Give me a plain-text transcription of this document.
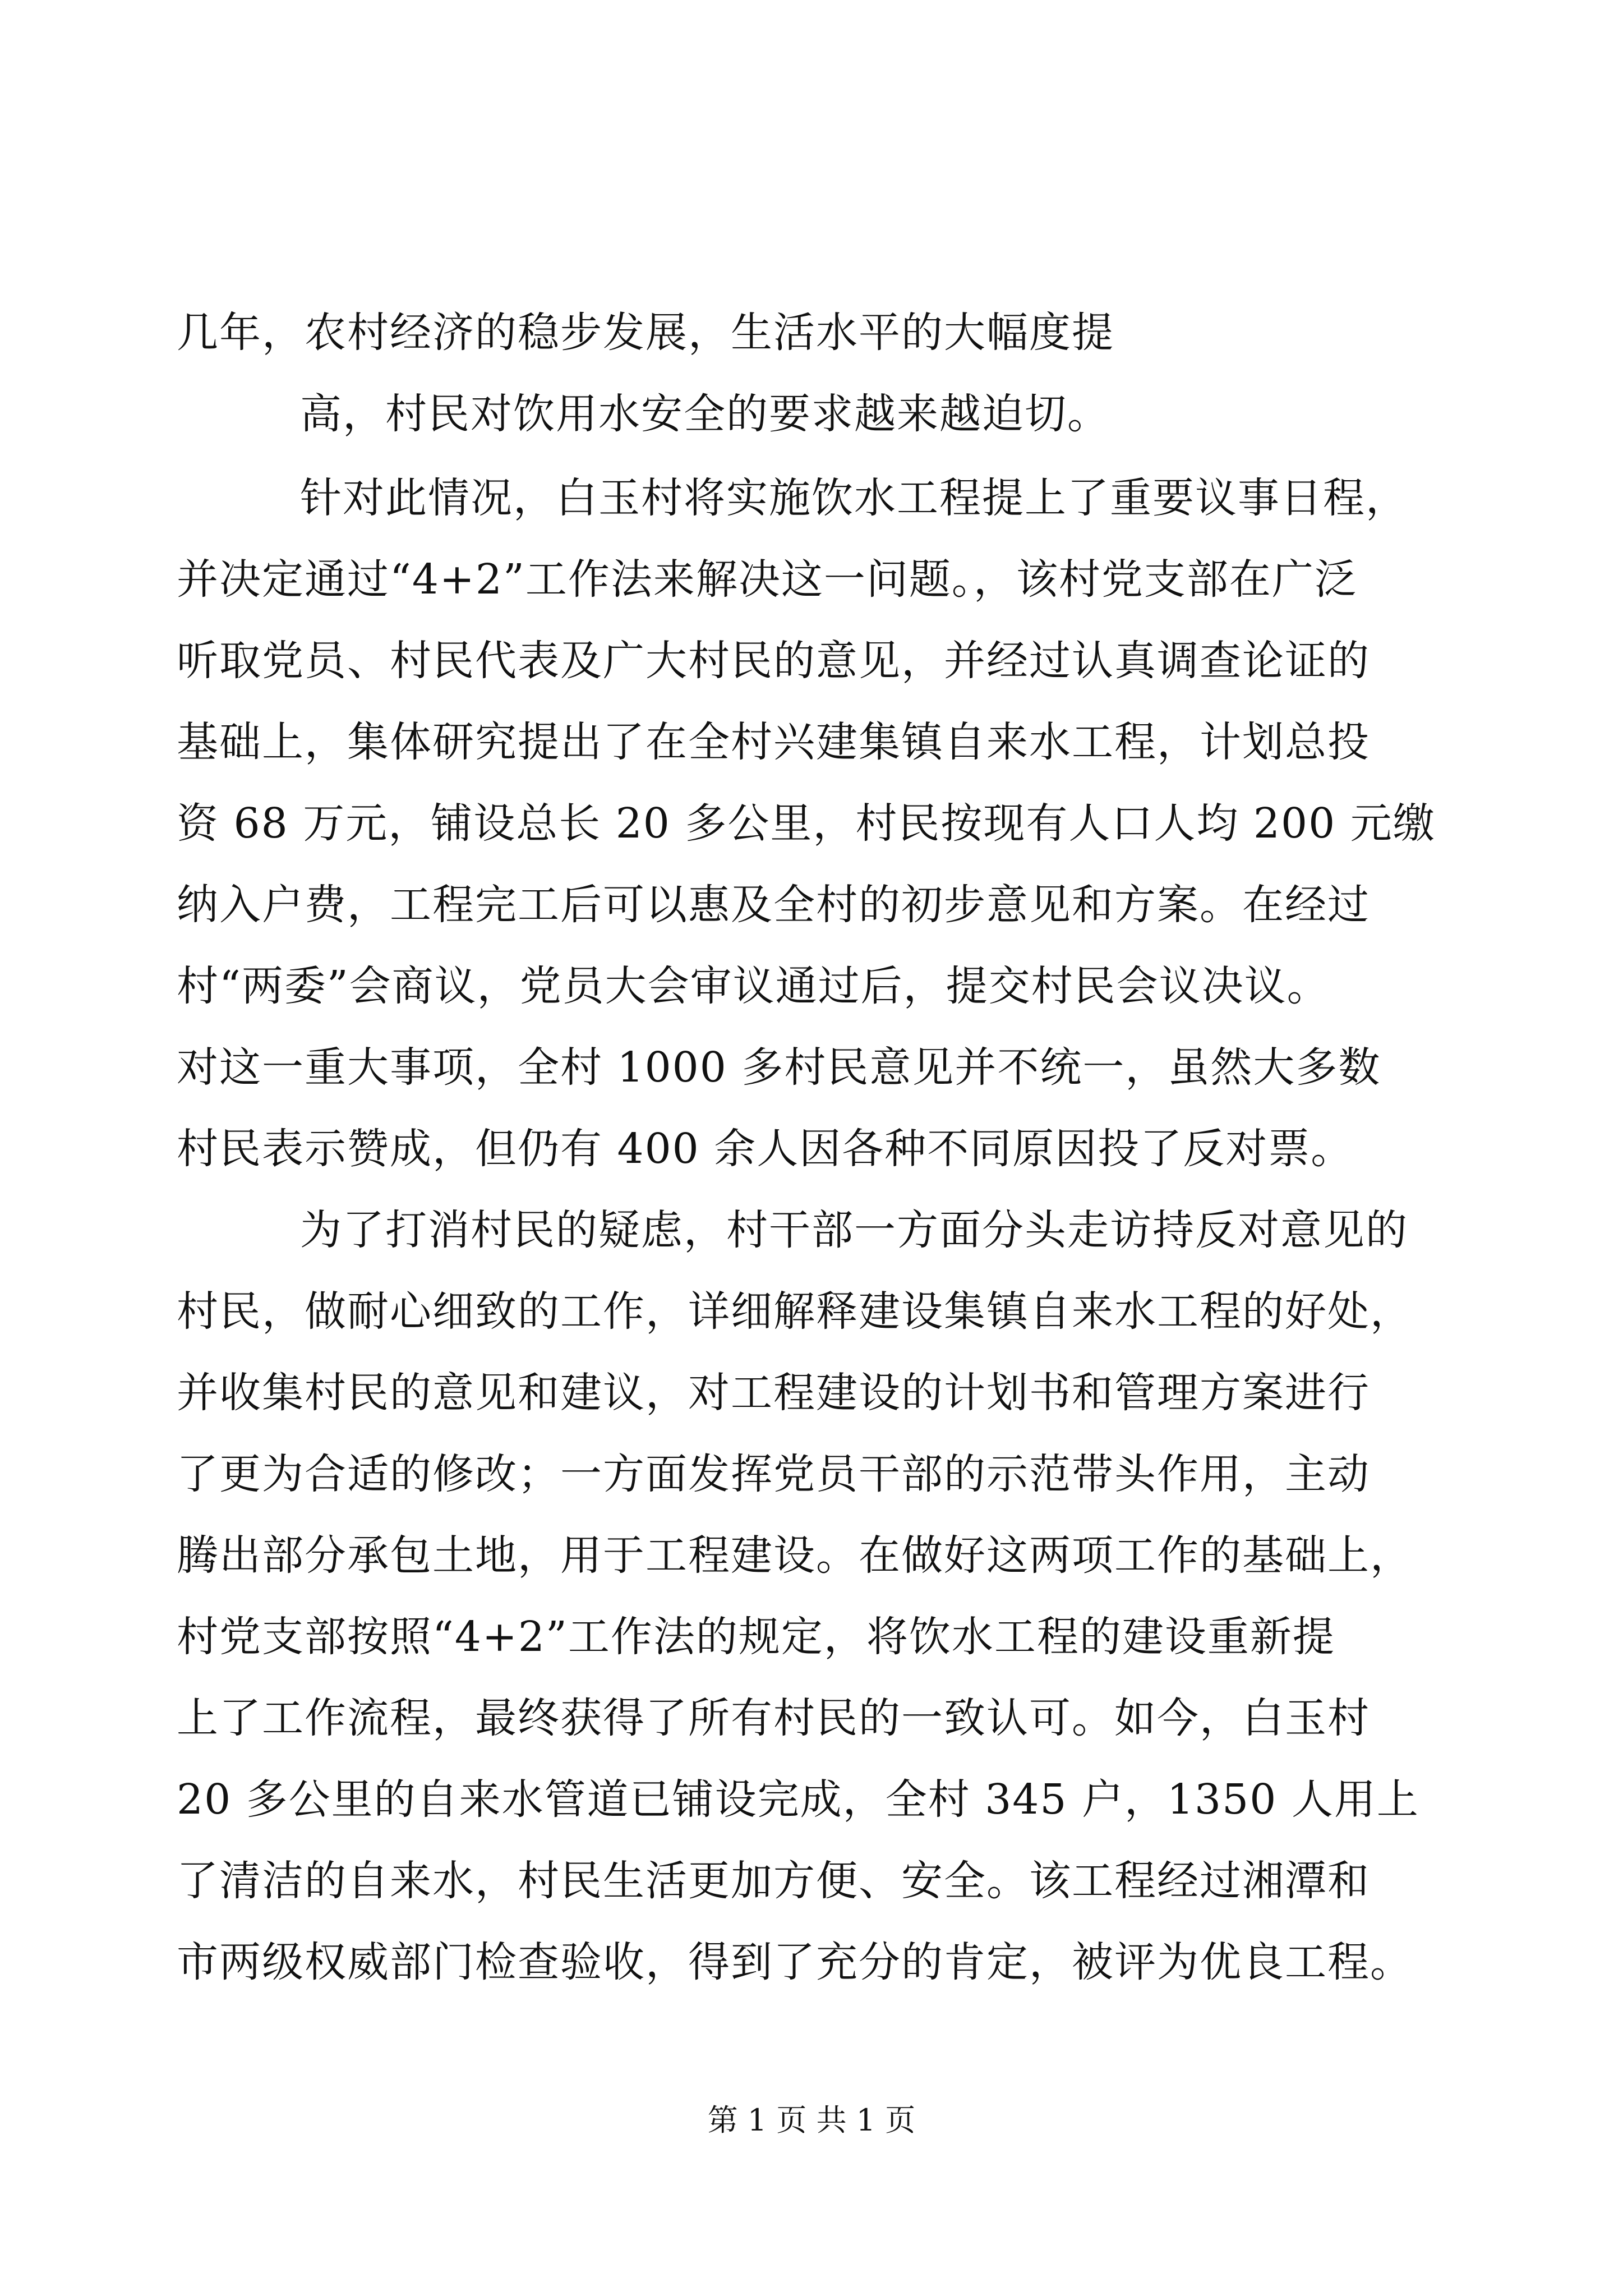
几年，农村经济的稳步发展，生活水平的大幅度提
高，村民对饮用水安全的要求越来越迫切。
针对此情况，白玉村将实施饮水工程提上了重要议事日程，
并决定通过“4+2”工作法来解决这一问题。，该村党支部在广泛
听取党员、村民代表及广大村民的意见，并经过认真调查论证的
基础上，集体研究提出了在全村兴建集镇自来水工程，计划总投
资 68 万元，铺设总长 20 多公里，村民按现有人口人均 200 元缴
纳入户费，工程完工后可以惠及全村的初步意见和方案。在经过
村“两委”会商议，党员大会审议通过后，提交村民会议决议。
对这一重大事项，全村 1000 多村民意见并不统一，虽然大多数
村民表示赞成，但仍有 400 余人因各种不同原因投了反对票。
为了打消村民的疑虑，村干部一方面分头走访持反对意见的
村民，做耐心细致的工作，详细解释建设集镇自来水工程的好处，
并收集村民的意见和建议，对工程建设的计划书和管理方案进行
了更为合适的修改；一方面发挥党员干部的示范带头作用，主动
腾出部分承包土地，用于工程建设。在做好这两项工作的基础上，
村党支部按照“4+2”工作法的规定，将饮水工程的建设重新提
上了工作流程，最终获得了所有村民的一致认可。如今，白玉村
20 多公里的自来水管道已铺设完成，全村 345 户，1350 人用上
了清洁的自来水，村民生活更加方便、安全。该工程经过湘潭和
市两级权威部门检查验收，得到了充分的肯定，被评为优良工程。
第 1 页 共 1 页
